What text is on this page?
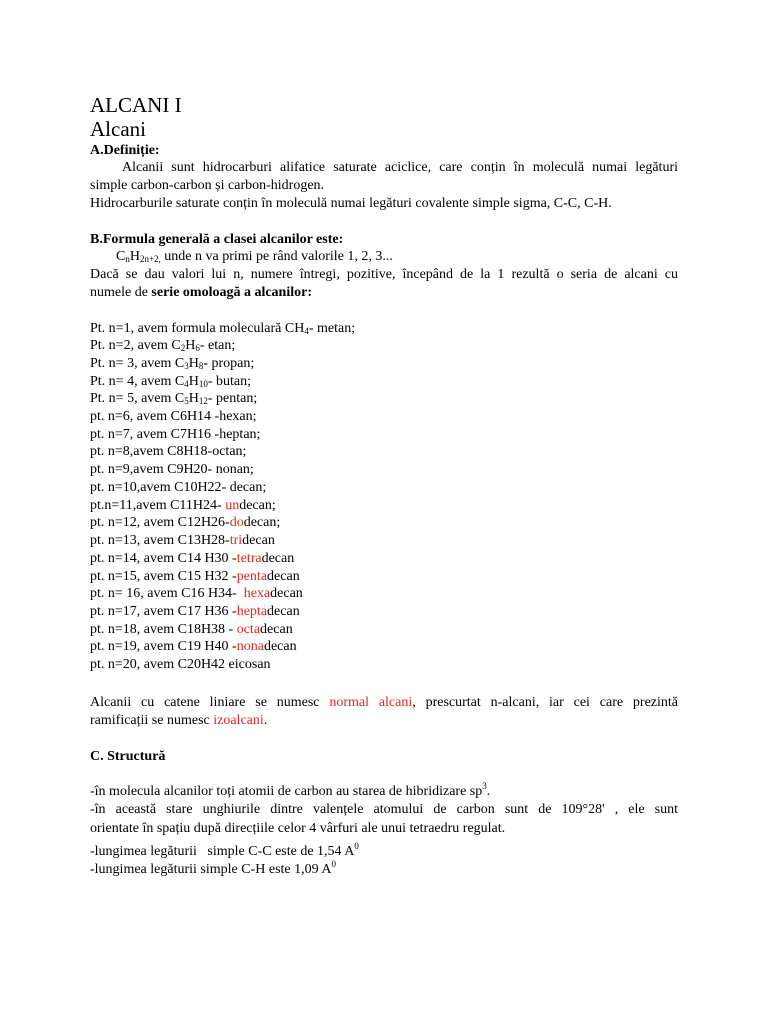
ALCANI I
Alcani
A.Definiție:
Alcanii sunt hidrocarburi alifatice saturate aciclice, care conțin în moleculă numai legături
simple carbon-carbon și carbon-hidrogen.
Hidrocarburile saturate conțin în moleculă numai legături covalente simple sigma, C-C, C-H.
B.Formula generală a clasei alcanilor este:
$C_nH_{2n+2,}$ unde n va primi pe rând valorile 1, 2, 3...
Dacă se dau valori lui n, numere întregi, pozitive, începând de la 1 rezultă o seria de alcani cu
numele de serie omoloagă a alcanilor:
Pt. n=1, avem formula moleculară $CH_4-$ metan;
Pt. n=2, avem $C_2H_6-$ etan;
Pt. n= 3, avem $C_3H_8-$ propan;
Pt. n= 4, avem $C_4H_{10}-$ butan;
Pt. n= 5, avem $C_5H_{12}-$ pentan;
pt. n=6, avem C6H14 -hexan;
pt. n=7, avem C7H16 -heptan;
pt. n=8,avem C8H18-octan;
pt. n=9,avem C9H20- nonan;
pt. n=10,avem C10H22- decan;
pt.n=11,avem C11H24- undecan;
pt. n=12, avem C12H26-dodecan;
pt. n=13, avem C13H28-tridecan
pt. n=14, avem C14 H30 -tetradecan
pt. n=15, avem C15 H32 -pentadecan
pt. n= 16, avem C16 H34-  hexadecan
pt. n=17, avem C17 H36 -heptadecan
pt. n=18, avem C18H38 - octadecan
pt. n=19, avem C19 H40 -nonadecan
pt. n=20, avem C20H42 eicosan
Alcanii cu catene liniare se numesc normal alcani, prescurtat n-alcani, iar cei care prezintă
ramificații se numesc izoalcani.
C. Structură
-în molecula alcanilor toți atomii de carbon au starea de hibridizare $sp^3$.
-în această stare unghiurile dintre valențele atomului de carbon sunt de 109°28' , ele sunt
orientate în spațiu după direcțiile celor 4 vârfuri ale unui tetraedru regulat.
-lungimea legăturii   simple C-C este de 1,54 $A^0$
-lungimea legăturii simple C-H este 1,09 $A^0$
